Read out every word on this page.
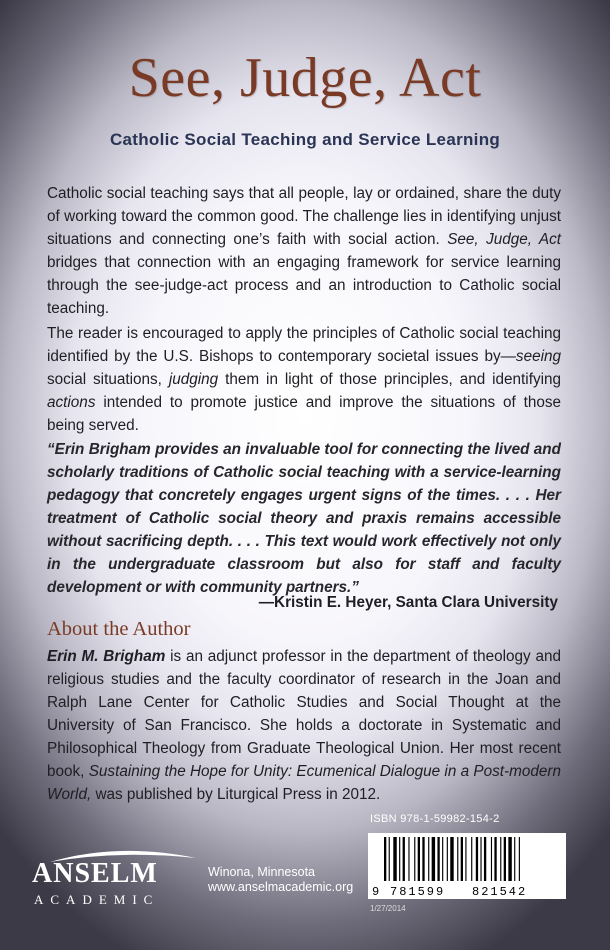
See, Judge, Act
Catholic Social Teaching and Service Learning

Catholic social teaching says that all people, lay or ordained, share the duty of working toward the common good. The challenge lies in identifying unjust situations and connecting one’s faith with social action. See, Judge, Act bridges that connection with an engaging framework for service learning through the see-judge-act process and an introduction to Catholic social teaching.

The reader is encouraged to apply the principles of Catholic social teaching identified by the U.S. Bishops to contemporary societal issues by—seeing social situations, judging them in light of those principles, and identifying actions intended to promote justice and improve the situations of those being served.

“Erin Brigham provides an invaluable tool for connecting the lived and scholarly traditions of Catholic social teaching with a service-learning pedagogy that concretely engages urgent signs of the times. . . . Her treatment of Catholic social theory and praxis remains accessible without sacrificing depth. . . . This text would work effectively not only in the undergraduate classroom but also for staff and faculty development or with community partners.”

—Kristin E. Heyer, Santa Clara University

About the Author

Erin M. Brigham is an adjunct professor in the department of theology and religious studies and the faculty coordinator of research in the Joan and Ralph Lane Center for Catholic Studies and Social Thought at the University of San Francisco. She holds a doctorate in Systematic and Philosophical Theology from Graduate Theological Union. Her most recent book, Sustaining the Hope for Unity: Ecumenical Dialogue in a Post-modern World, was published by Liturgical Press in 2012.

ANSELM

ACADEMIC

Winona, Minnesota
www.anselmacademic.org
ISBN 978-1-59982-154-2
9 781599 821542
1/27/2014
